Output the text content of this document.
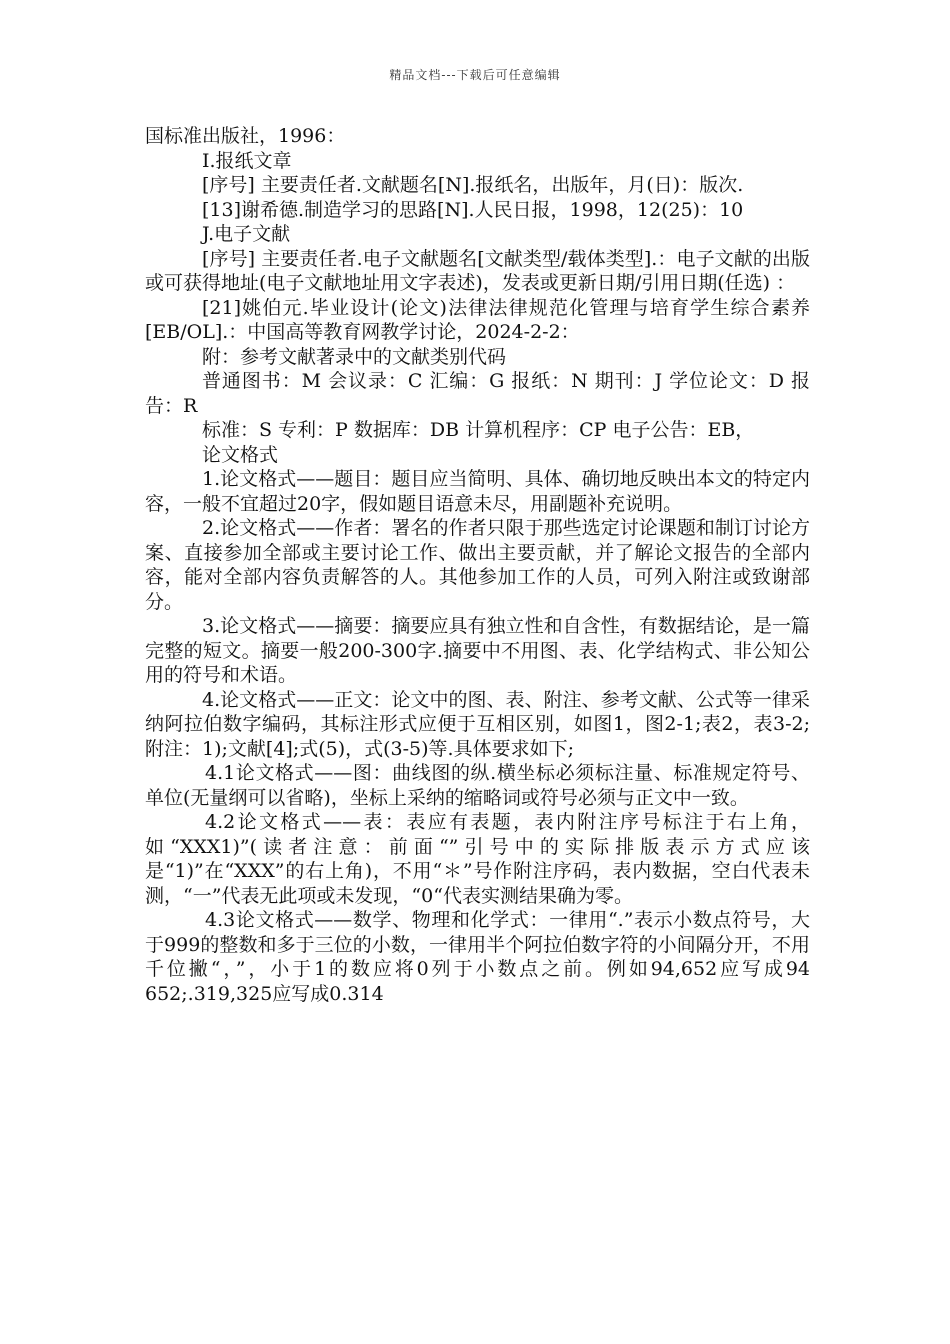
精品文档---下载后可任意编辑

国标准出版社，1996：

I.报纸文章

[序号] 主要责任者.文献题名[N].报纸名，出版年，月(日)：版次.

[13]谢希德.制造学习的思路[N].人民日报，1998，12(25)：10

J.电子文献

[序号] 主要责任者.电子文献题名[文献类型/载体类型].：电子文献的出版或可获得地址(电子文献地址用文字表述)，发表或更新日期/引用日期(任选) ：

[21]姚伯元.毕业设计(论文)法律法律规范化管理与培育学生综合素养[EB/OL].：中国高等教育网教学讨论，2024-2-2：

附：参考文献著录中的文献类别代码

普通图书：M 会议录：C 汇编：G 报纸：N 期刊：J 学位论文：D 报告：R

标准：S 专利：P 数据库：DB 计算机程序：CP 电子公告：EB，

论文格式

1.论文格式——题目：题目应当简明、具体、确切地反映出本文的特定内容，一般不宜超过20字，假如题目语意未尽，用副题补充说明。

2.论文格式——作者：署名的作者只限于那些选定讨论课题和制订讨论方案、直接参加全部或主要讨论工作、做出主要贡献，并了解论文报告的全部内容，能对全部内容负责解答的人。其他参加工作的人员，可列入附注或致谢部分。

3.论文格式——摘要：摘要应具有独立性和自含性，有数据结论，是一篇完整的短文。摘要一般200-300字.摘要中不用图、表、化学结构式、非公知公用的符号和术语。

4.论文格式——正文：论文中的图、表、附注、参考文献、公式等一律采纳阿拉伯数字编码，其标注形式应便于互相区别，如图1，图2-1;表2，表3-2;附注：1);文献[4];式(5)，式(3-5)等.具体要求如下;

4.1论文格式——图：曲线图的纵.横坐标必须标注量、标准规定符号、单位(无量纲可以省略)，坐标上采纳的缩略词或符号必须与正文中一致。

4.2论文格式——表：表应有表题，表内附注序号标注于右上角，如“XXX1)”(读者注意：前面“”引号中的实际排版表示方式应该是“1)”在“XXX”的右上角)，不用“＊”号作附注序码，表内数据，空白代表未测，“一”代表无此项或未发现，“0“代表实测结果确为零。

4.3论文格式——数学、物理和化学式：一律用“.”表示小数点符号，大于999的整数和多于三位的小数，一律用半个阿拉伯数字符的小间隔分开，不用千位撇“，”，小于1的数应将0列于小数点之前。例如94,652应写成94 652;.319,325应写成0.314
